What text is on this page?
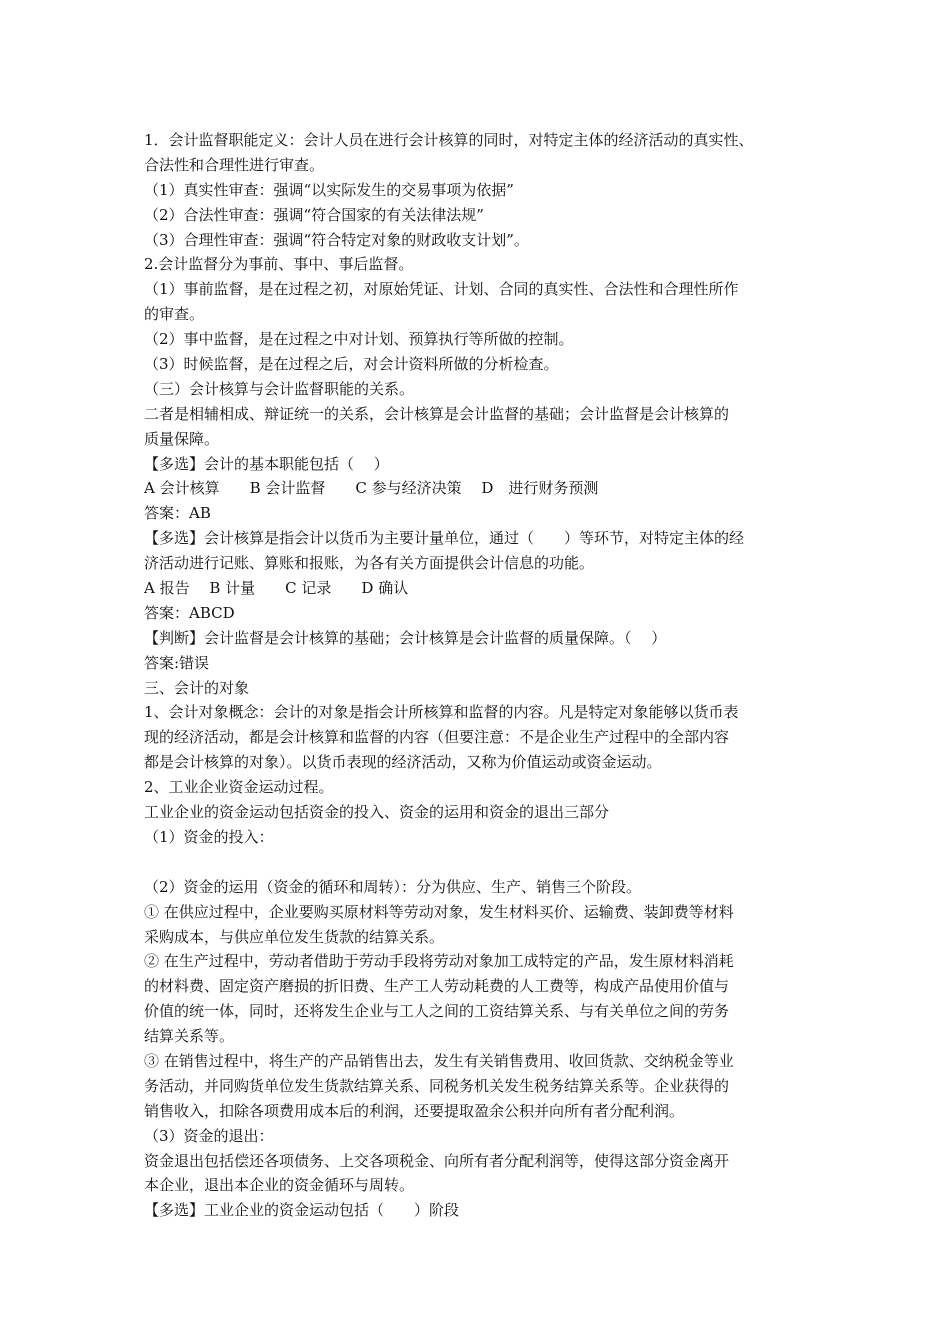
1．会计监督职能定义：会计人员在进行会计核算的同时，对特定主体的经济活动的真实性、
合法性和合理性进行审查。
（1）真实性审查：强调“以实际发生的交易事项为依据”
（2）合法性审查：强调“符合国家的有关法律法规”
（3）合理性审查：强调“符合特定对象的财政收支计划”。
2.会计监督分为事前、事中、事后监督。
（1）事前监督，是在过程之初，对原始凭证、计划、合同的真实性、合法性和合理性所作
的审查。
（2）事中监督，是在过程之中对计划、预算执行等所做的控制。
（3）时候监督，是在过程之后，对会计资料所做的分析检查。
（三）会计核算与会计监督职能的关系。
二者是相辅相成、辩证统一的关系，会计核算是会计监督的基础；会计监督是会计核算的
质量保障。
【多选】会计的基本职能包括（　 ）
A 会计核算　　B 会计监督　　C 参与经济决策　 D　进行财务预测
答案：AB
【多选】会计核算是指会计以货币为主要计量单位，通过（　　）等环节，对特定主体的经
济活动进行记账、算账和报账，为各有关方面提供会计信息的功能。
A 报告　 B 计量　　C 记录　　D 确认
答案：ABCD
【判断】会计监督是会计核算的基础；会计核算是会计监督的质量保障。（　 ）
答案:错误
三、会计的对象
1、会计对象概念：会计的对象是指会计所核算和监督的内容。凡是特定对象能够以货币表
现的经济活动，都是会计核算和监督的内容（但要注意：不是企业生产过程中的全部内容
都是会计核算的对象）。以货币表现的经济活动，又称为价值运动或资金运动。
2、工业企业资金运动过程。
工业企业的资金运动包括资金的投入、资金的运用和资金的退出三部分
（1）资金的投入：
（2）资金的运用（资金的循环和周转）：分为供应、生产、销售三个阶段。
① 在供应过程中，企业要购买原材料等劳动对象，发生材料买价、运输费、装卸费等材料
采购成本，与供应单位发生货款的结算关系。
② 在生产过程中，劳动者借助于劳动手段将劳动对象加工成特定的产品，发生原材料消耗
的材料费、固定资产磨损的折旧费、生产工人劳动耗费的人工费等，构成产品使用价值与
价值的统一体，同时，还将发生企业与工人之间的工资结算关系、与有关单位之间的劳务
结算关系等。
③ 在销售过程中，将生产的产品销售出去，发生有关销售费用、收回货款、交纳税金等业
务活动，并同购货单位发生货款结算关系、同税务机关发生税务结算关系等。企业获得的
销售收入，扣除各项费用成本后的利润，还要提取盈余公积并向所有者分配利润。
（3）资金的退出：
资金退出包括偿还各项债务、上交各项税金、向所有者分配利润等，使得这部分资金离开
本企业，退出本企业的资金循环与周转。
【多选】工业企业的资金运动包括（　　）阶段
